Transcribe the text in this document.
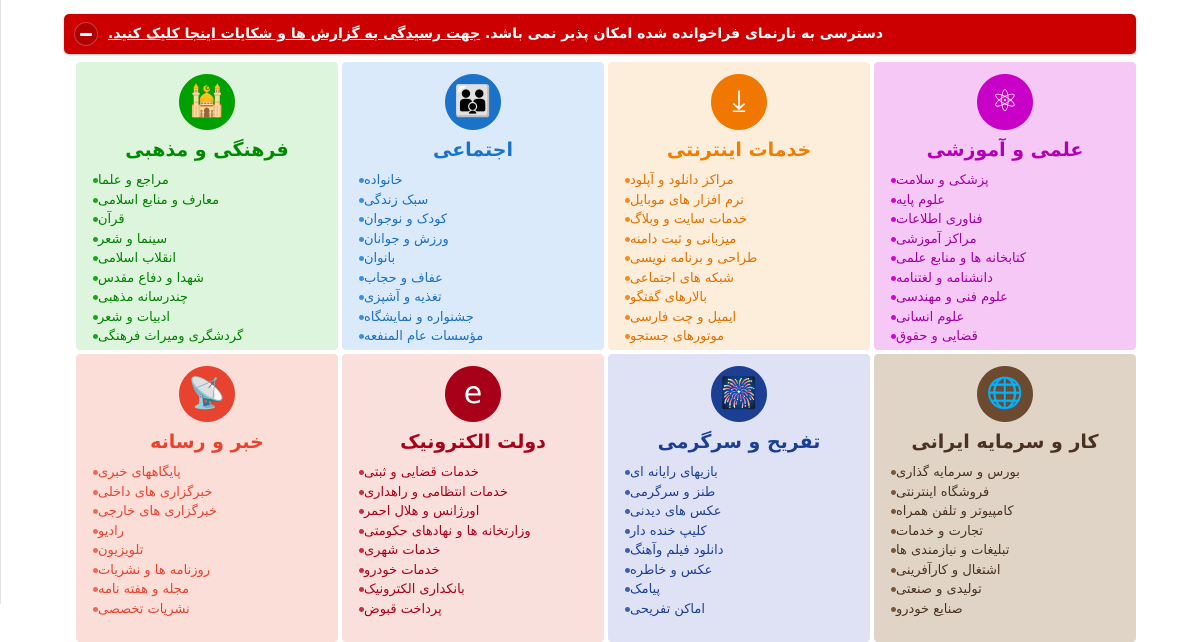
دسترسی به نارنمای فراخوانده شده امکان پذیر نمی باشد. جهت رسیدگی به گزارش ها و شکایات اینجا کلیک کنید.
⚛
علمی و آموزشی
پزشکی و سلامت
علوم پایه
فناوری اطلاعات
مراکز آموزشی
کتابخانه ها و منابع علمی
دانشنامه و لغتنامه
علوم فنی و مهندسی
علوم انسانی
قضایی و حقوق
⤓
خدمات اینترنتی
مراکز دانلود و آپلود
نرم افزار های موبایل
خدمات سایت و وبلاگ
میزبانی و ثبت دامنه
طراحی و برنامه نویسی
شبکه های اجتماعی
بالارهای گفتگو
ایمیل و چت فارسی
موتورهای جستجو
👪
اجتماعی
خانواده
سبک زندگی
کودک و نوجوان
ورزش و جوانان
بانوان
عفاف و حجاب
تغذیه و آشپزی
جشنواره و نمایشگاه
مؤسسات عام المنفعه
🕌
فرهنگی و مذهبی
مراجع و علما
معارف و منابع اسلامی
قرآن
سینما و شعر
انقلاب اسلامی
شهدا و دفاع مقدس
چندرسانه مذهبی
ادبیات و شعر
گردشگری ومیراث فرهنگی
🌐
کار و سرمایه ایرانی
بورس و سرمایه گذاری
فروشگاه اینترنتی
کامپیوتر و تلفن همراه
تجارت و خدمات
تبلیغات و نیازمندی ها
اشتغال و کارآفرینی
تولیدی و صنعتی
صنایع خودرو
🎆
تفریح و سرگرمی
بازیهای رایانه ای
طنز و سرگرمی
عکس های دیدنی
کلیپ خنده دار
دانلود فیلم وآهنگ
عکس و خاطره
پیامک
اماکن تفریحی
e
دولت الکترونیک
خدمات قضایی و ثبتی
خدمات انتظامی و راهداری
اورژانس و هلال احمر
وزارتخانه ها و نهادهای حکومتی
خدمات شهری
خدمات خودرو
بانکداری الکترونیک
پرداخت قبوض
📡
خبر و رسانه
پایگاههای خبری
خبرگزاری های داخلی
خبرگزاری های خارجی
رادیو
تلویزیون
روزنامه ها و نشریات
مجله و هفته نامه
نشریات تخصصی
